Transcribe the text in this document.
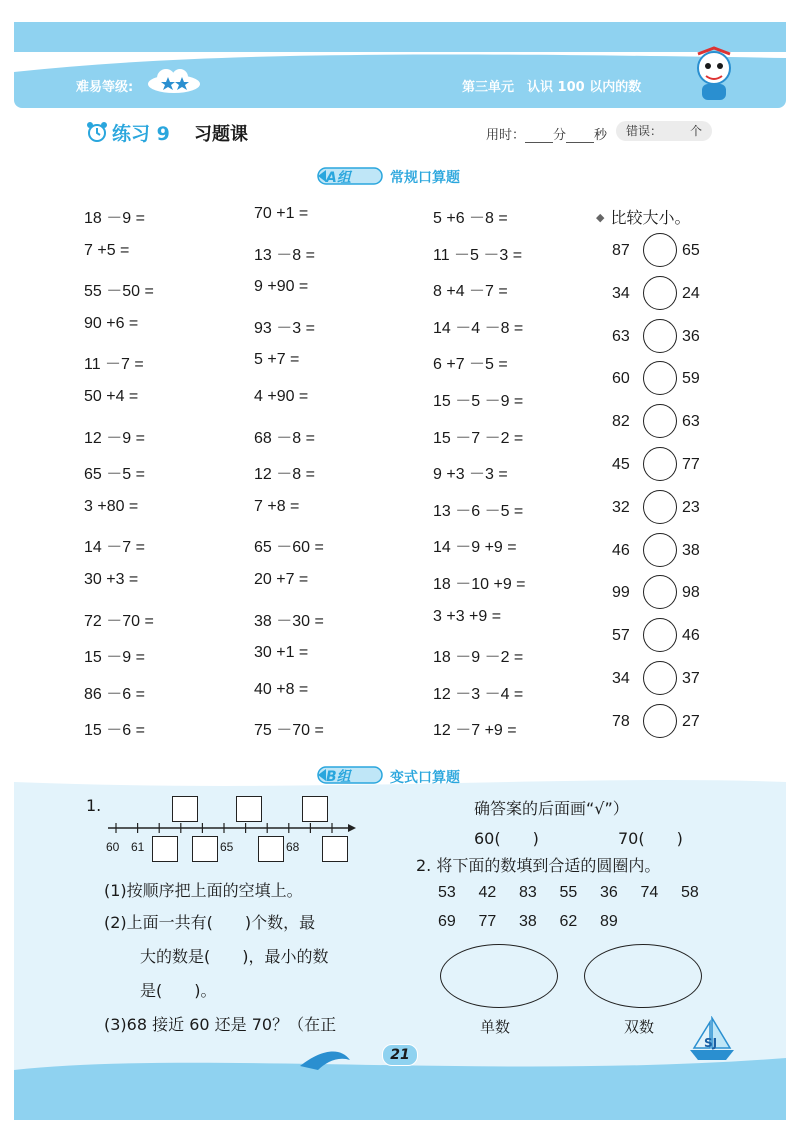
难易等级:	第三单元　认识 100 以内的数
练习 9 习题课	用时： 分 秒	错误： 个
A组	常规口算题
18 －9 =
7 +5 =
55 －50 =
90 +6 =
11 －7 =
50 +4 =
12 －9 =
65 －5 =
3 +80 =
14 －7 =
30 +3 =
72 －70 =
15 －9 =
86 －6 =
15 －6 =
70 +1 =
13 －8 =
9 +90 =
93 －3 =
5 +7 =
4 +90 =
68 －8 =
12 －8 =
7 +8 =
65 －60 =
20 +7 =
38 －30 =
30 +1 =
40 +8 =
75 －70 =
5 +6 －8 =
11 －5 －3 =
8 +4 －7 =
14 －4 －8 =
6 +7 －5 =
15 －5 －9 =
15 －7 －2 =
9 +3 －3 =
13 －6 －5 =
14 －9 +9 =
18 －10 +9 =
3 +3 +9 =
18 －9 －2 =
12 －3 －4 =
12 －7 +9 =
◆ 比较大小。
87	65
34	24
63	36
60	59
82	63
45	77
32	23
46	38
99	98
57	46
34	37
78	27
B组	变式口算题
1.
60 61	65	68
(1)按顺序把上面的空填上。
(2)上面一共有(　　)个数，最
大的数是(　　)，最小的数
是(　　)。
(3)68 接近 60 还是 70？（在正
确答案的后面画“√”）
60(　　)	70(　　)
2. 将下面的数填到合适的圆圈内。
53 42 83 55 36 74 58
69 77 38 62 89
单数	双数
SJ
21
